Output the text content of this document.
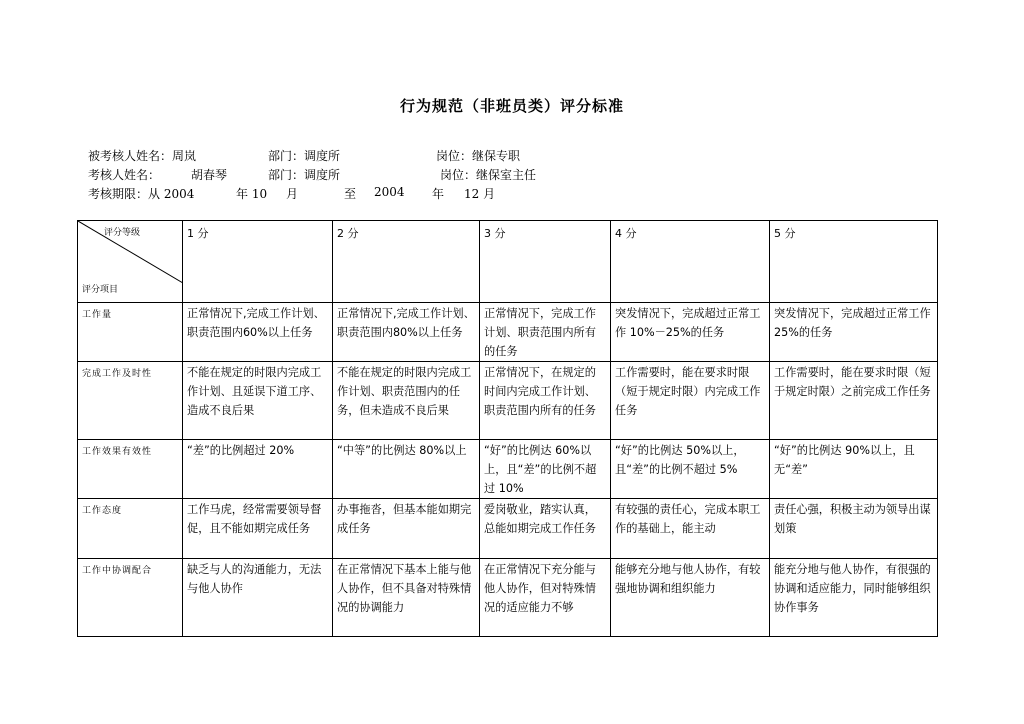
行为规范（非班员类）评分标准
被考核人姓名：周岚	部门：调度所	岗位：继保专职
考核人姓名：	胡春琴	部门：调度所	岗位：继保室主任
考核期限：从 2004	年 10 月	至 2004 年 12 月
评分等级
评分项目	1 分	2 分	3 分	4 分	5 分
工作量	正常情况下,完成工作计划、职责范围内60%以上任务	正常情况下,完成工作计划、职责范围内80%以上任务	正常情况下，完成工作计划、职责范围内所有的任务	突发情况下，完成超过正常工作 10%－25%的任务	突发情况下，完成超过正常工作 25%的任务
完成工作及时性	不能在规定的时限内完成工作计划、且延误下道工序、造成不良后果	不能在规定的时限内完成工作计划、职责范围内的任务，但未造成不良后果	正常情况下，在规定的时间内完成工作计划、职责范围内所有的任务	工作需要时，能在要求时限（短于规定时限）内完成工作任务	工作需要时，能在要求时限（短于规定时限）之前完成工作任务
工作效果有效性	“差”的比例超过 20%	“中等”的比例达 80%以上	“好”的比例达 60%以上，且“差”的比例不超过 10%	“好”的比例达 50%以上，且“差”的比例不超过 5%	“好”的比例达 90%以上，且无“差”
工作态度	工作马虎，经常需要领导督促，且不能如期完成任务	办事拖沓，但基本能如期完成任务	爱岗敬业，踏实认真，总能如期完成工作任务	有较强的责任心，完成本职工作的基础上，能主动	责任心强，积极主动为领导出谋划策
工作中协调配合	缺乏与人的沟通能力，无法与他人协作	在正常情况下基本上能与他人协作，但不具备对特殊情况的协调能力	在正常情况下充分能与他人协作，但对特殊情况的适应能力不够	能够充分地与他人协作，有较强地协调和组织能力	能充分地与他人协作，有很强的协调和适应能力，同时能够组织协作事务
